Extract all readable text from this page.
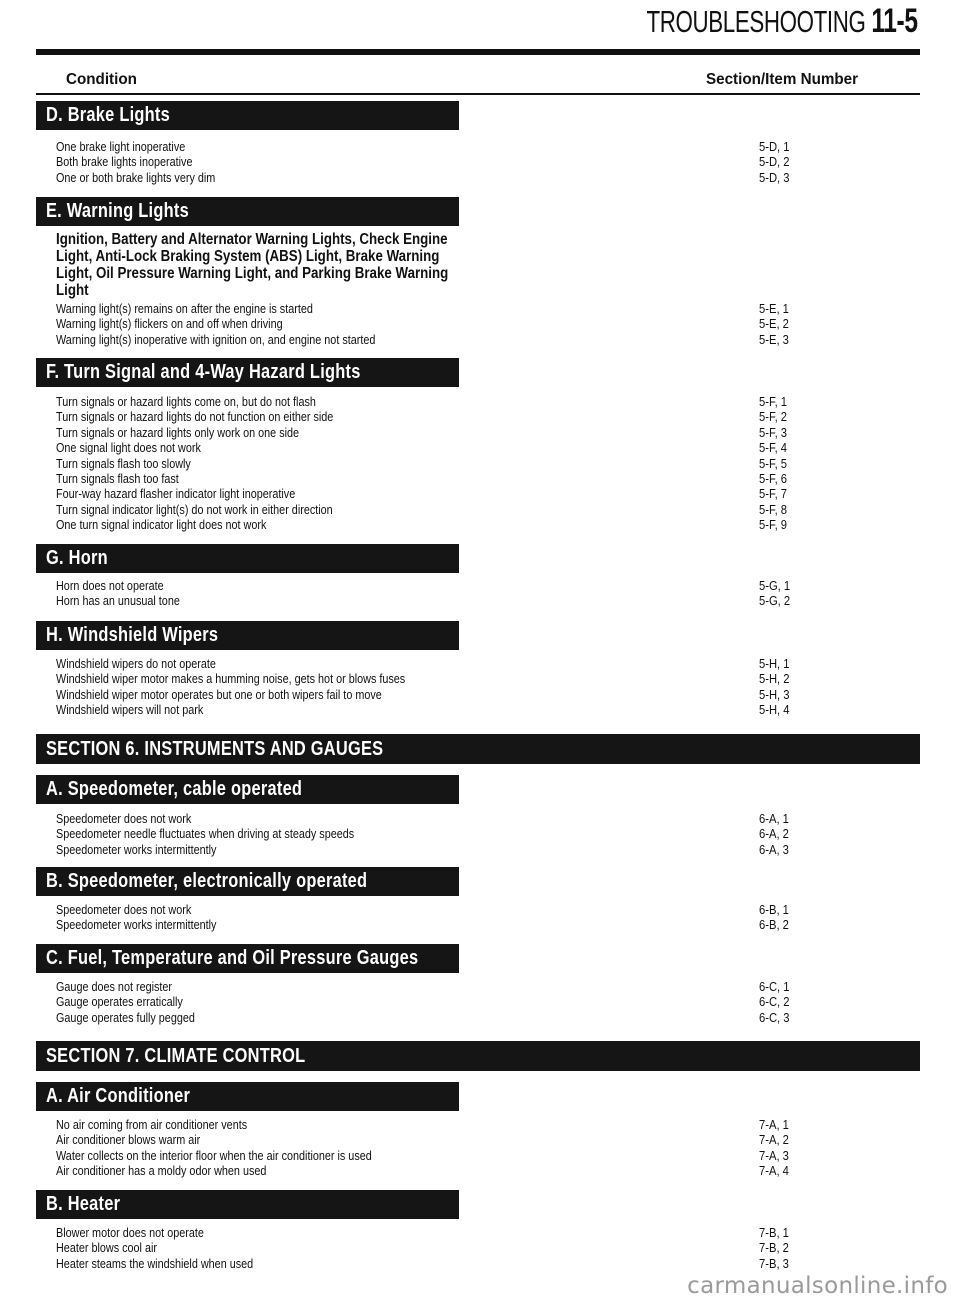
TROUBLESHOOTING 11-5
Condition	Section/Item Number
D. Brake Lights
One brake light inoperative	5-D, 1
Both brake lights inoperative	5-D, 2
One or both brake lights very dim	5-D, 3
E. Warning Lights
Ignition, Battery and Alternator Warning Lights, Check Engine Light, Anti-Lock Braking System (ABS) Light, Brake Warning Light, Oil Pressure Warning Light, and Parking Brake Warning Light
Warning light(s) remains on after the engine is started	5-E, 1
Warning light(s) flickers on and off when driving	5-E, 2
Warning light(s) inoperative with ignition on, and engine not started	5-E, 3
F. Turn Signal and 4-Way Hazard Lights
Turn signals or hazard lights come on, but do not flash	5-F, 1
Turn signals or hazard lights do not function on either side	5-F, 2
Turn signals or hazard lights only work on one side	5-F, 3
One signal light does not work	5-F, 4
Turn signals flash too slowly	5-F, 5
Turn signals flash too fast	5-F, 6
Four-way hazard flasher indicator light inoperative	5-F, 7
Turn signal indicator light(s) do not work in either direction	5-F, 8
One turn signal indicator light does not work	5-F, 9
G. Horn
Horn does not operate	5-G, 1
Horn has an unusual tone	5-G, 2
H. Windshield Wipers
Windshield wipers do not operate	5-H, 1
Windshield wiper motor makes a humming noise, gets hot or blows fuses	5-H, 2
Windshield wiper motor operates but one or both wipers fail to move	5-H, 3
Windshield wipers will not park	5-H, 4
SECTION 6. INSTRUMENTS AND GAUGES
A. Speedometer, cable operated
Speedometer does not work	6-A, 1
Speedometer needle fluctuates when driving at steady speeds	6-A, 2
Speedometer works intermittently	6-A, 3
B. Speedometer, electronically operated
Speedometer does not work	6-B, 1
Speedometer works intermittently	6-B, 2
C. Fuel, Temperature and Oil Pressure Gauges
Gauge does not register	6-C, 1
Gauge operates erratically	6-C, 2
Gauge operates fully pegged	6-C, 3
SECTION 7. CLIMATE CONTROL
A. Air Conditioner
No air coming from air conditioner vents	7-A, 1
Air conditioner blows warm air	7-A, 2
Water collects on the interior floor when the air conditioner is used	7-A, 3
Air conditioner has a moldy odor when used	7-A, 4
B. Heater
Blower motor does not operate	7-B, 1
Heater blows cool air	7-B, 2
Heater steams the windshield when used	7-B, 3
carmanualsonline.info
